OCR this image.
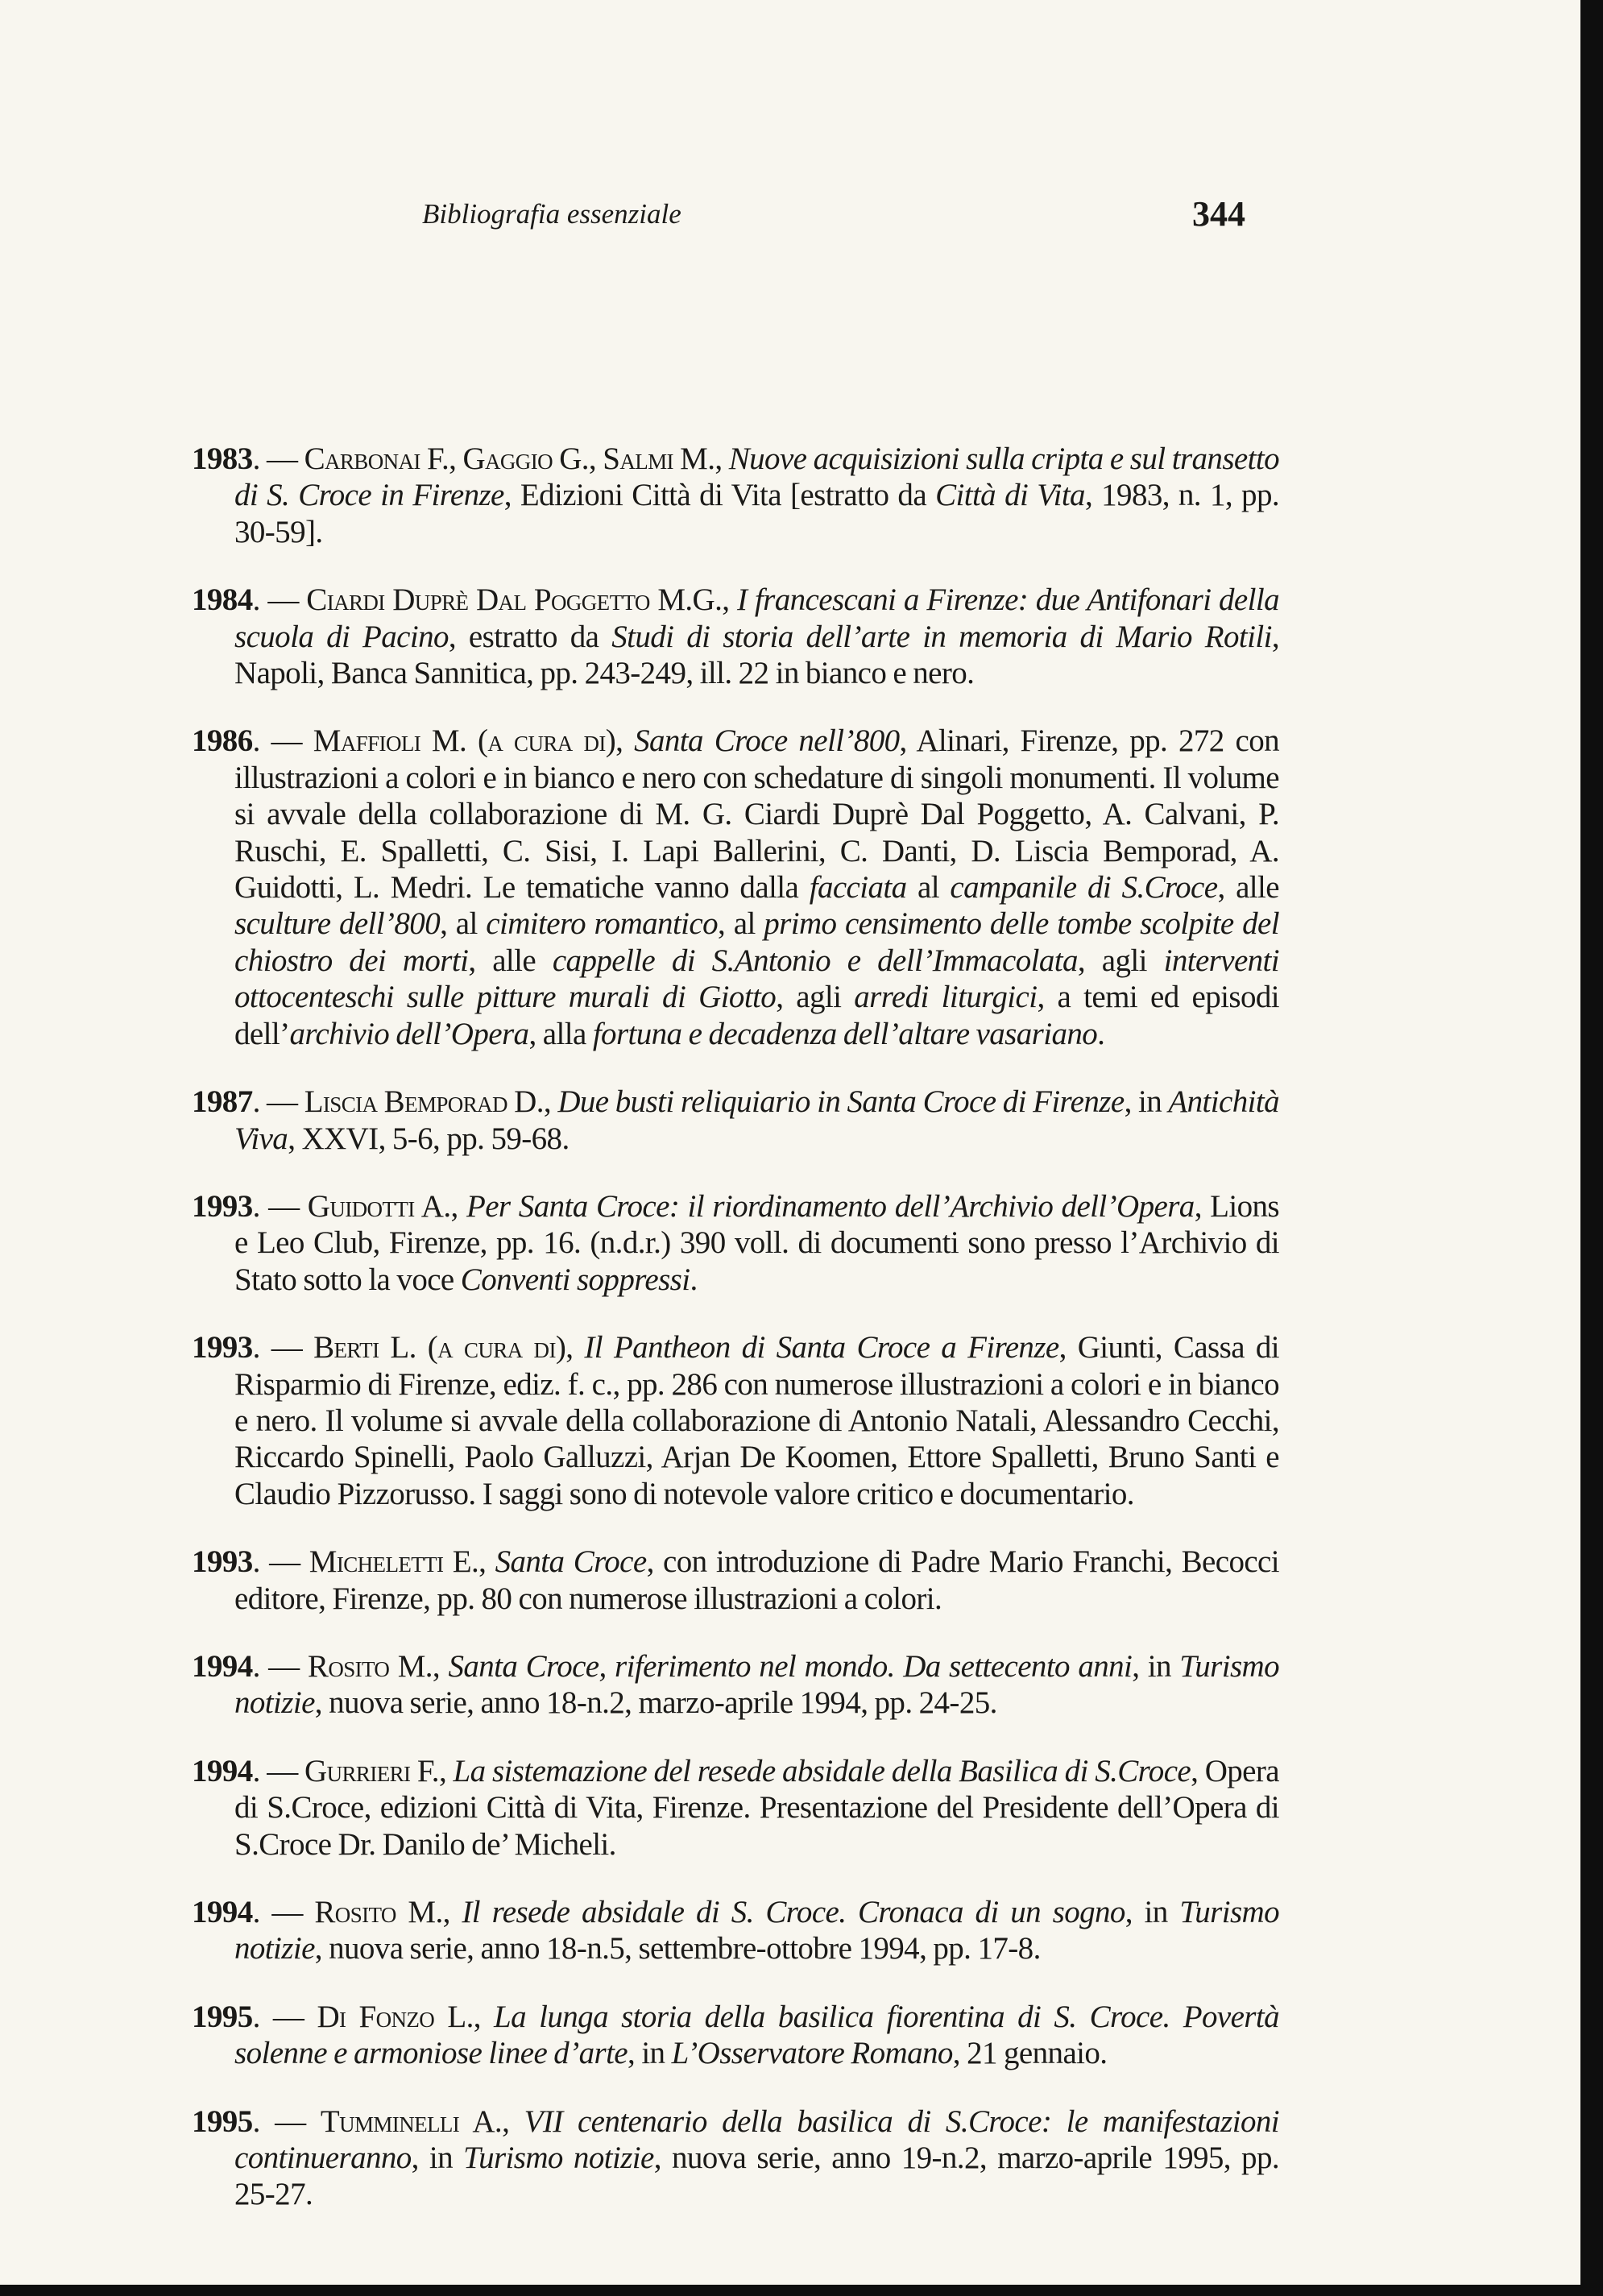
Bibliografia essenziale	344

1983. — Carbonai F., Gaggio G., Salmi M., Nuove acquisizioni sulla cripta e sul transetto di S. Croce in Firenze, Edizioni Città di Vita [estratto da Città di Vita, 1983, n. 1, pp. 30-59].

1984. — Ciardi Duprè Dal Poggetto M.G., I francescani a Firenze: due Antifonari della scuola di Pacino, estratto da Studi di storia dell’arte in memoria di Mario Rotili, Napoli, Banca Sannitica, pp. 243-249, ill. 22 in bianco e nero.

1986. — Maffioli M. (a cura di), Santa Croce nell’800, Alinari, Firenze, pp. 272 con illustrazioni a colori e in bianco e nero con schedature di singoli monumenti. Il volume si avvale della collaborazione di M. G. Ciardi Duprè Dal Poggetto, A. Calvani, P. Ruschi, E. Spalletti, C. Sisi, I. Lapi Ballerini, C. Danti, D. Liscia Bemporad, A. Guidotti, L. Medri. Le tematiche vanno dalla facciata al campanile di S.Croce, alle sculture dell’800, al cimitero romantico, al primo censimento delle tombe scolpite del chiostro dei morti, alle cappelle di S.Antonio e dell’Immacolata, agli interventi ottocenteschi sulle pitture murali di Giotto, agli arredi liturgici, a temi ed episodi dell’archivio dell’Opera, alla fortuna e decadenza dell’altare vasariano.

1987. — Liscia Bemporad D., Due busti reliquiario in Santa Croce di Firenze, in Antichità Viva, XXVI, 5-6, pp. 59-68.

1993. — Guidotti A., Per Santa Croce: il riordinamento dell’Archivio dell’Opera, Lions e Leo Club, Firenze, pp. 16. (n.d.r.) 390 voll. di documenti sono presso l’Archivio di Stato sotto la voce Conventi soppressi.

1993. — Berti L. (a cura di), Il Pantheon di Santa Croce a Firenze, Giunti, Cassa di Risparmio di Firenze, ediz. f. c., pp. 286 con numerose illustrazioni a colori e in bianco e nero. Il volume si avvale della collaborazione di Antonio Natali, Alessandro Cecchi, Riccardo Spinelli, Paolo Galluzzi, Arjan De Koomen, Ettore Spalletti, Bruno Santi e Claudio Pizzorusso. I saggi sono di notevole valore critico e documentario.

1993. — Micheletti E., Santa Croce, con introduzione di Padre Mario Franchi, Becocci editore, Firenze, pp. 80 con numerose illustrazioni a colori.

1994. — Rosito M., Santa Croce, riferimento nel mondo. Da settecento anni, in Turismo notizie, nuova serie, anno 18-n.2, marzo-aprile 1994, pp. 24-25.

1994. — Gurrieri F., La sistemazione del resede absidale della Basilica di S.Croce, Opera di S.Croce, edizioni Città di Vita, Firenze. Presentazione del Presidente dell’Opera di S.Croce Dr. Danilo de’ Micheli.

1994. — Rosito M., Il resede absidale di S. Croce. Cronaca di un sogno, in Turismo notizie, nuova serie, anno 18-n.5, settembre-ottobre 1994, pp. 17-8.

1995. — Di Fonzo L., La lunga storia della basilica fiorentina di S. Croce. Povertà solenne e armoniose linee d’arte, in L’Osservatore Romano, 21 gennaio.

1995. — Tumminelli A., VII centenario della basilica di S.Croce: le manifestazioni continueranno, in Turismo notizie, nuova serie, anno 19-n.2, marzo-aprile 1995, pp. 25-27.
